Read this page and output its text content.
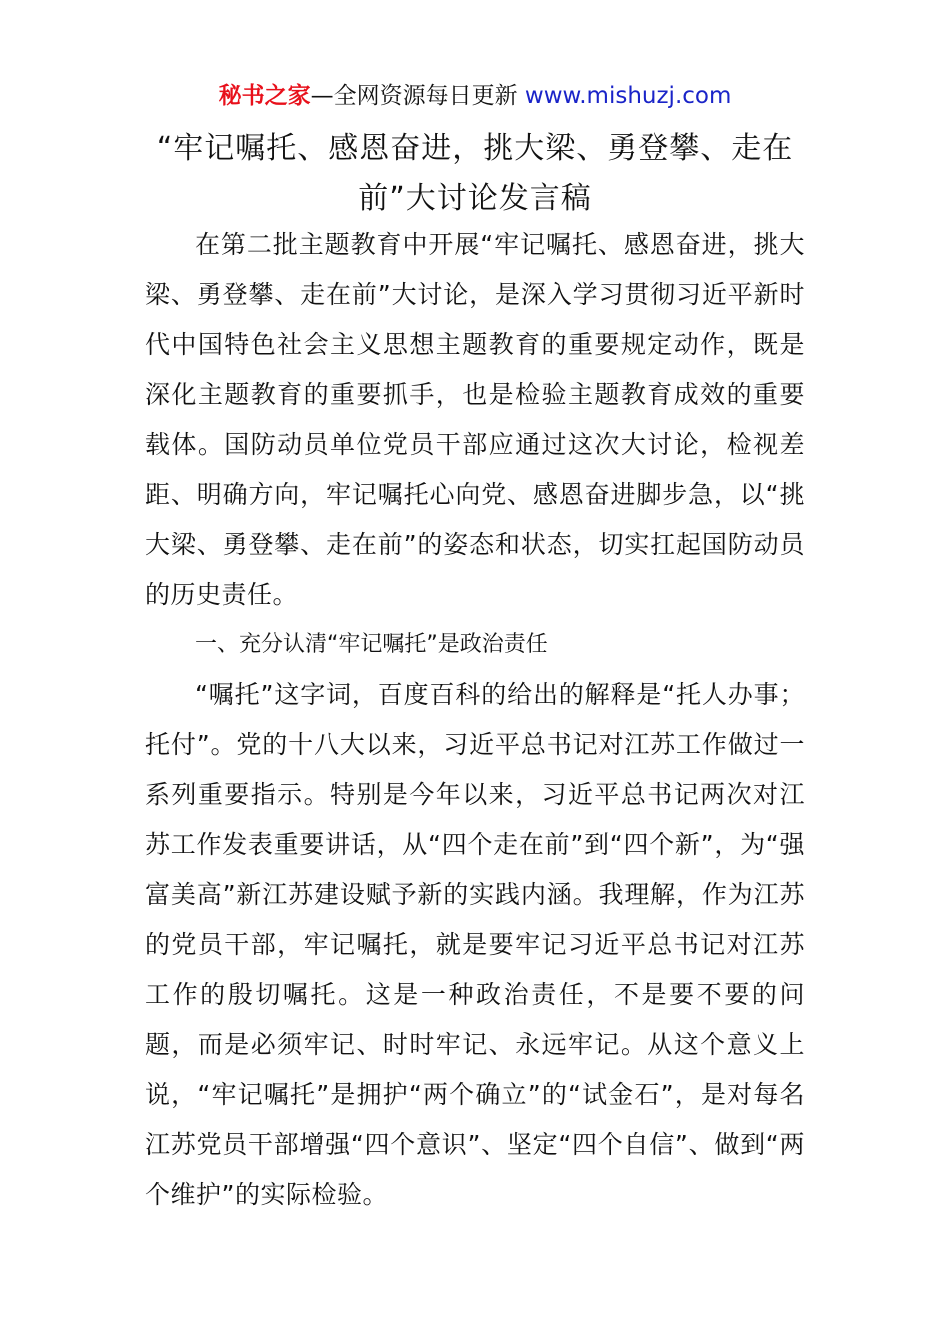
秘书之家—全网资源每日更新 www.mishuzj.com
“牢记嘱托、感恩奋进，挑大梁、勇登攀、走在前”大讨论发言稿

在第二批主题教育中开展“牢记嘱托、感恩奋进，挑大梁、勇登攀、走在前”大讨论，是深入学习贯彻习近平新时代中国特色社会主义思想主题教育的重要规定动作，既是深化主题教育的重要抓手，也是检验主题教育成效的重要载体。国防动员单位党员干部应通过这次大讨论，检视差距、明确方向，牢记嘱托心向党、感恩奋进脚步急，以“挑大梁、勇登攀、走在前”的姿态和状态，切实扛起国防动员的历史责任。

一、充分认清“牢记嘱托”是政治责任

“嘱托”这字词，百度百科的给出的解释是“托人办事；托付”。党的十八大以来，习近平总书记对江苏工作做过一系列重要指示。特别是今年以来，习近平总书记两次对江苏工作发表重要讲话，从“四个走在前”到“四个新”，为“强富美高”新江苏建设赋予新的实践内涵。我理解，作为江苏的党员干部，牢记嘱托，就是要牢记习近平总书记对江苏工作的殷切嘱托。这是一种政治责任，不是要不要的问题，而是必须牢记、时时牢记、永远牢记。从这个意义上说，“牢记嘱托”是拥护“两个确立”的“试金石”，是对每名江苏党员干部增强“四个意识”、坚定“四个自信”、做到“两个维护”的实际检验。
